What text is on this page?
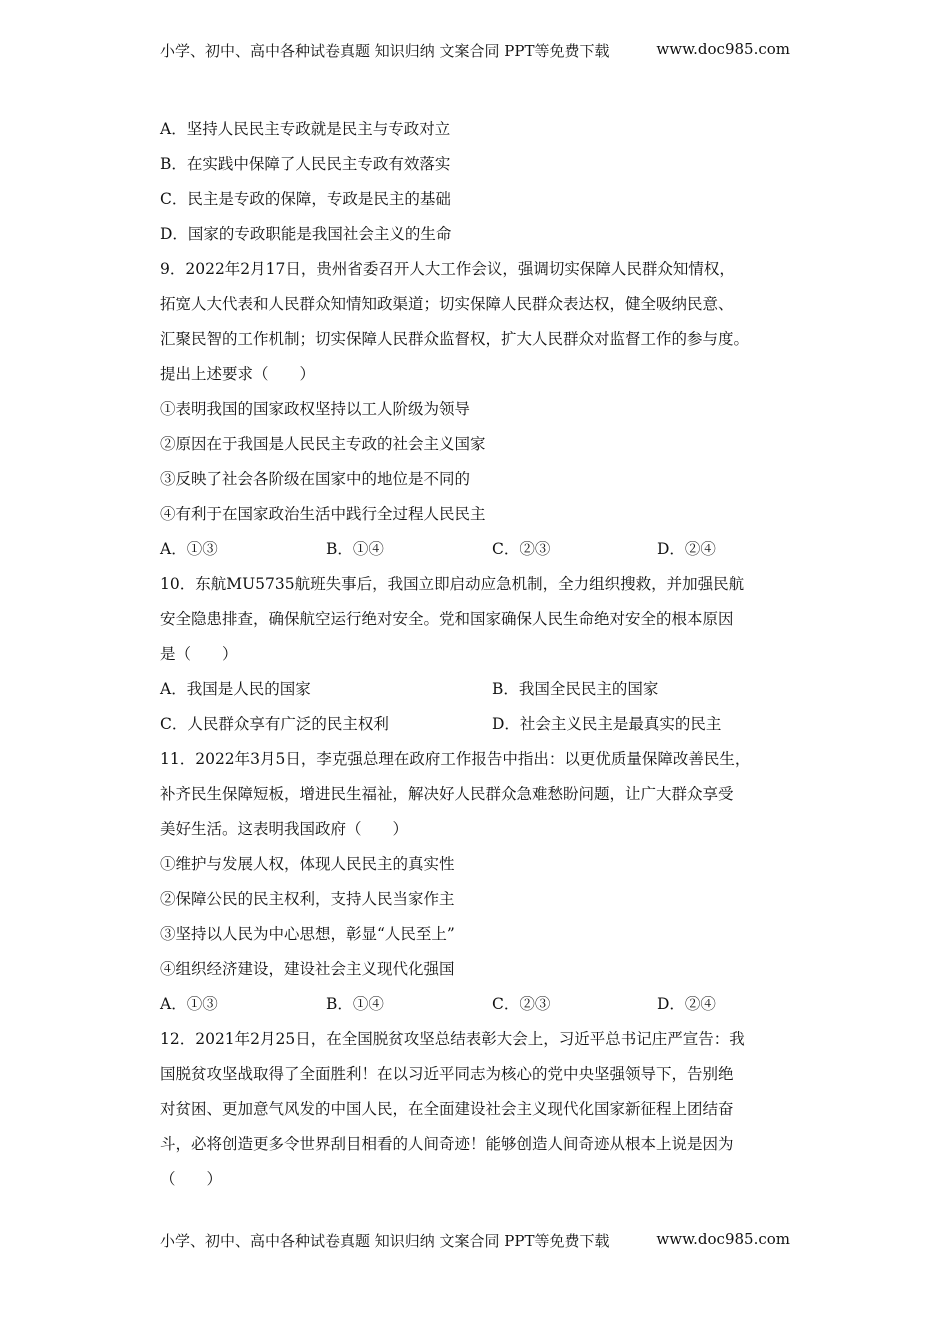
小学、初中、高中各种试卷真题 知识归纳 文案合同 PPT等免费下载	www.doc985.com
A．坚持人民民主专政就是民主与专政对立
B．在实践中保障了人民民主专政有效落实
C．民主是专政的保障，专政是民主的基础
D．国家的专政职能是我国社会主义的生命
9．2022年2月17日，贵州省委召开人大工作会议，强调切实保障人民群众知情权，
拓宽人大代表和人民群众知情知政渠道；切实保障人民群众表达权，健全吸纳民意、
汇聚民智的工作机制；切实保障人民群众监督权，扩大人民群众对监督工作的参与度。
提出上述要求（　　）
①表明我国的国家政权坚持以工人阶级为领导
②原因在于我国是人民民主专政的社会主义国家
③反映了社会各阶级在国家中的地位是不同的
④有利于在国家政治生活中践行全过程人民民主
A．①③	B．①④	C．②③	D．②④
10．东航MU5735航班失事后，我国立即启动应急机制，全力组织搜救，并加强民航
安全隐患排查，确保航空运行绝对安全。党和国家确保人民生命绝对安全的根本原因
是（　　）
A．我国是人民的国家	B．我国全民民主的国家
C．人民群众享有广泛的民主权利	D．社会主义民主是最真实的民主
11．2022年3月5日，李克强总理在政府工作报告中指出：以更优质量保障改善民生，
补齐民生保障短板，增进民生福祉，解决好人民群众急难愁盼问题，让广大群众享受
美好生活。这表明我国政府（　　）
①维护与发展人权，体现人民民主的真实性
②保障公民的民主权利，支持人民当家作主
③坚持以人民为中心思想，彰显“人民至上”
④组织经济建设，建设社会主义现代化强国
A．①③	B．①④	C．②③	D．②④
12．2021年2月25日，在全国脱贫攻坚总结表彰大会上，习近平总书记庄严宣告：我
国脱贫攻坚战取得了全面胜利！在以习近平同志为核心的党中央坚强领导下，告别绝
对贫困、更加意气风发的中国人民，在全面建设社会主义现代化国家新征程上团结奋
斗，必将创造更多令世界刮目相看的人间奇迹！能够创造人间奇迹从根本上说是因为
（　　）
小学、初中、高中各种试卷真题 知识归纳 文案合同 PPT等免费下载	www.doc985.com
